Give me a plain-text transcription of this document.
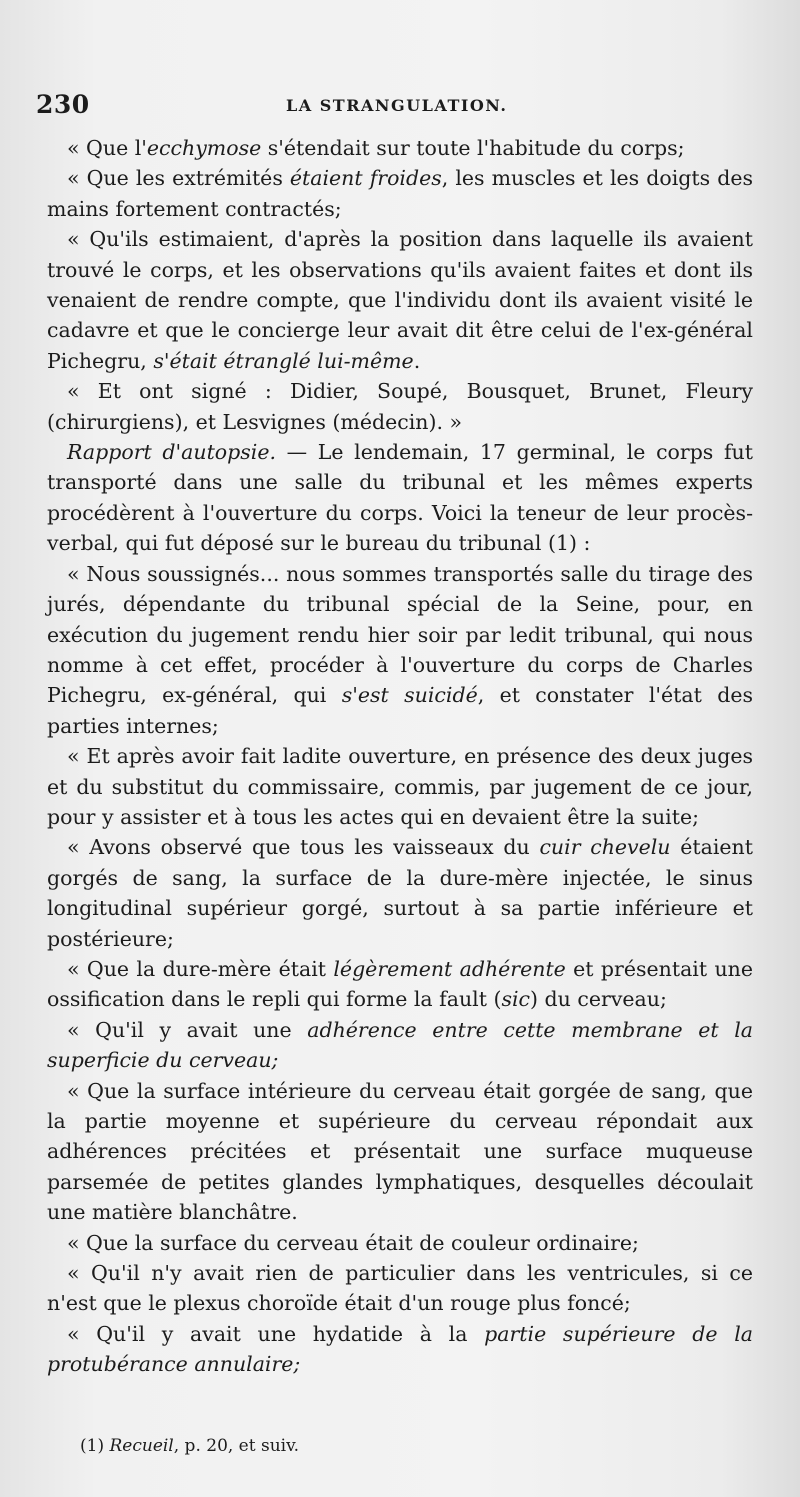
230	LA STRANGULATION.

« Que l'ecchymose s'étendait sur toute l'habitude du corps;

« Que les extrémités étaient froides, les muscles et les doigts des mains fortement contractés;

« Qu'ils estimaient, d'après la position dans laquelle ils avaient trouvé le corps, et les observations qu'ils avaient faites et dont ils venaient de rendre compte, que l'individu dont ils avaient visité le cadavre et que le concierge leur avait dit être celui de l'ex-général Pichegru, s'était étranglé lui-même.

« Et ont signé : Didier, Soupé, Bousquet, Brunet, Fleury (chirurgiens), et Lesvignes (médecin). »

Rapport d'autopsie. — Le lendemain, 17 germinal, le corps fut transporté dans une salle du tribunal et les mêmes experts procédèrent à l'ouverture du corps. Voici la teneur de leur procès-verbal, qui fut déposé sur le bureau du tribunal (1) :

« Nous soussignés... nous sommes transportés salle du tirage des jurés, dépendante du tribunal spécial de la Seine, pour, en exécution du jugement rendu hier soir par ledit tribunal, qui nous nomme à cet effet, procéder à l'ouverture du corps de Charles Pichegru, ex-général, qui s'est suicidé, et constater l'état des parties internes;

« Et après avoir fait ladite ouverture, en présence des deux juges et du substitut du commissaire, commis, par jugement de ce jour, pour y assister et à tous les actes qui en devaient être la suite;

« Avons observé que tous les vaisseaux du cuir chevelu étaient gorgés de sang, la surface de la dure-mère injectée, le sinus longitudinal supérieur gorgé, surtout à sa partie inférieure et postérieure;

« Que la dure-mère était légèrement adhérente et présentait une ossification dans le repli qui forme la fault (sic) du cerveau;

« Qu'il y avait une adhérence entre cette membrane et la superficie du cerveau;

« Que la surface intérieure du cerveau était gorgée de sang, que la partie moyenne et supérieure du cerveau répondait aux adhérences précitées et présentait une surface muqueuse parsemée de petites glandes lymphatiques, desquelles découlait une matière blanchâtre.

« Que la surface du cerveau était de couleur ordinaire;

« Qu'il n'y avait rien de particulier dans les ventricules, si ce n'est que le plexus choroïde était d'un rouge plus foncé;

« Qu'il y avait une hydatide à la partie supérieure de la protubérance annulaire;

(1) Recueil, p. 20, et suiv.
